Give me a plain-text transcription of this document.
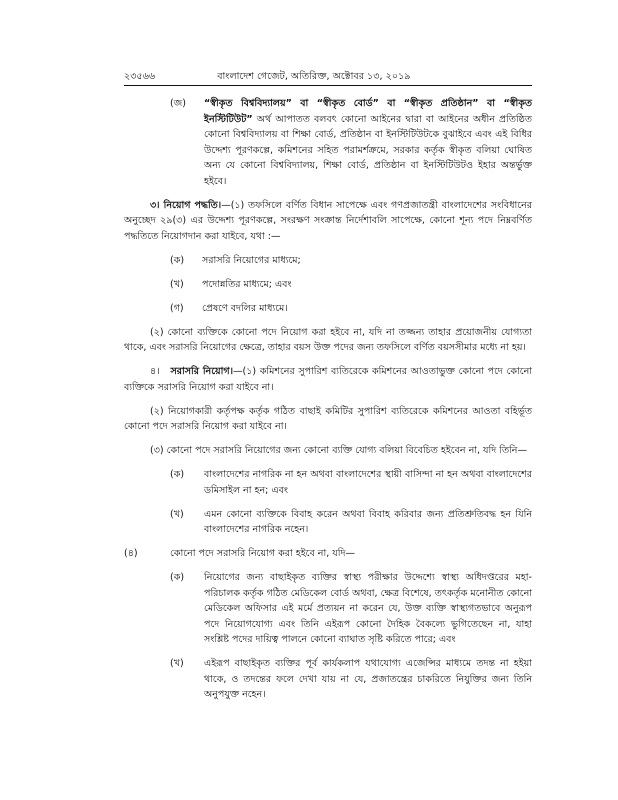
২৩৫৬৬	বাংলাদেশ গেজেট, অতিরিক্ত, অক্টোবর ১৩, ২০১৯
(জ)	“স্বীকৃত বিশ্ববিদ্যালয়” বা “স্বীকৃত বোর্ড” বা “স্বীকৃত প্রতিষ্ঠান” বা “স্বীকৃত ইনস্টিটিউট” অর্থ আপাতত বলবৎ কোনো আইনের দ্বারা বা আইনের অধীন প্রতিষ্ঠিত কোনো বিশ্ববিদ্যালয় বা শিক্ষা বোর্ড, প্রতিষ্ঠান বা ইনস্টিটিউটকে বুঝাইবে এবং এই বিধির উদ্দেশ্য পূরণকল্পে, কমিশনের সহিত পরামর্শক্রমে, সরকার কর্তৃক স্বীকৃত বলিয়া ঘোষিত অন্য যে কোনো বিশ্ববিদ্যালয়, শিক্ষা বোর্ড, প্রতিষ্ঠান বা ইনস্টিটিউটও ইহার অন্তর্ভুক্ত হইবে।

৩। নিয়োগ পদ্ধতি।—(১) তফসিলে বর্ণিত বিধান সাপেক্ষে এবং গণপ্রজাতন্ত্রী বাংলাদেশের সংবিধানের অনুচ্ছেদ ২৯(৩) এর উদ্দেশ্য পূরণকল্পে, সংরক্ষণ সংক্রান্ত নির্দেশাবলি সাপেক্ষে, কোনো শূন্য পদে নিম্নবর্ণিত পদ্ধতিতে নিয়োগদান করা যাইবে, যথা :—

(ক)	সরাসরি নিয়োগের মাধ্যমে;
(খ)	পদোন্নতির মাধ্যমে; এবং
(গ)	প্রেষণে বদলির মাধ্যমে।

(২) কোনো ব্যক্তিকে কোনো পদে নিয়োগ করা হইবে না, যদি না তজ্জন্য তাহার প্রয়োজনীয় যোগ্যতা থাকে, এবং সরাসরি নিয়োগের ক্ষেত্রে, তাহার বয়স উক্ত পদের জন্য তফসিলে বর্ণিত বয়সসীমার মধ্যে না হয়।

৪। সরাসরি নিয়োগ।—(১) কমিশনের সুপারিশ ব্যতিরেকে কমিশনের আওতাভুক্ত কোনো পদে কোনো ব্যক্তিকে সরাসরি নিয়োগ করা যাইবে না।

(২) নিয়োগকারী কর্তৃপক্ষ কর্তৃক গঠিত বাছাই কমিটির সুপারিশ ব্যতিরেকে কমিশনের আওতা বহির্ভূত কোনো পদে সরাসরি নিয়োগ করা যাইবে না।

(৩) কোনো পদে সরাসরি নিয়োগের জন্য কোনো ব্যক্তি যোগ্য বলিয়া বিবেচিত হইবেন না, যদি তিনি—

(ক)	বাংলাদেশের নাগরিক না হন অথবা বাংলাদেশের স্থায়ী বাসিন্দা না হন অথবা বাংলাদেশের ডমিসাইল না হন; এবং
(খ)	এমন কোনো ব্যক্তিকে বিবাহ করেন অথবা বিবাহ করিবার জন্য প্রতিশ্রুতিবদ্ধ হন যিনি বাংলাদেশের নাগরিক নহেন।
(৪)	কোনো পদে সরাসরি নিয়োগ করা হইবে না, যদি—
(ক)	নিয়োগের জন্য বাছাইকৃত ব্যক্তির স্বাস্থ্য পরীক্ষার উদ্দেশ্যে স্বাস্থ্য অধিদপ্তরের মহা-পরিচালক কর্তৃক গঠিত মেডিকেল বোর্ড অথবা, ক্ষেত্র বিশেষে, তৎকর্তৃক মনোনীত কোনো মেডিকেল অফিসার এই মর্মে প্রত্যয়ন না করেন যে, উক্ত ব্যক্তি স্বাস্থ্যগতভাবে অনুরূপ পদে নিয়োগযোগ্য এবং তিনি এইরূপ কোনো দৈহিক বৈকল্যে ভুগিতেছেন না, যাহা সংশ্লিষ্ট পদের দায়িত্ব পালনে কোনো ব্যাঘাত সৃষ্টি করিতে পারে; এবং
(খ)	এইরূপ বাছাইকৃত ব্যক্তির পূর্ব কার্যকলাপ যথাযোগ্য এজেন্সির মাধ্যমে তদন্ত না হইয়া থাকে, ও তদন্তের ফলে দেখা যায় না যে, প্রজাতন্ত্রের চাকরিতে নিযুক্তির জন্য তিনি অনুপযুক্ত নহেন।
